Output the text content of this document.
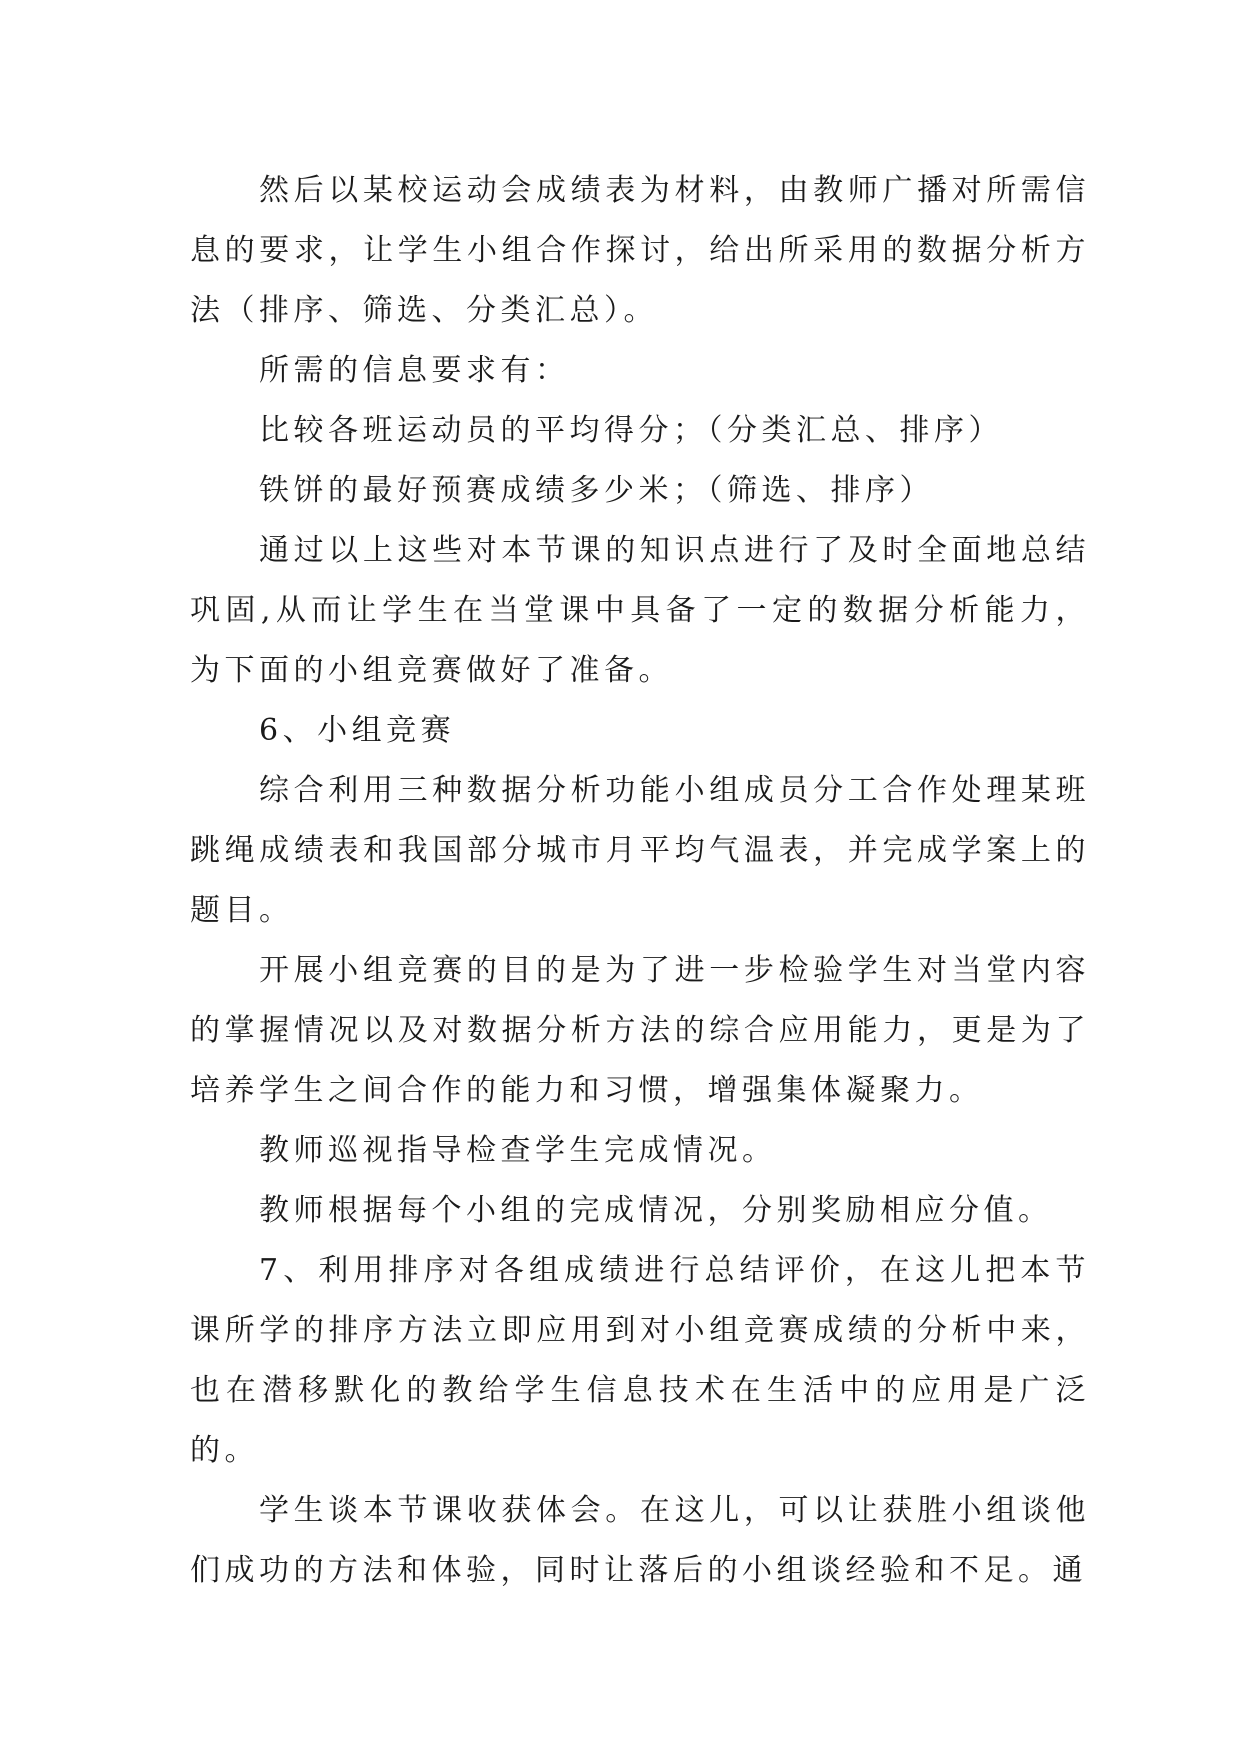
然后以某校运动会成绩表为材料，由教师广播对所需信息的要求，让学生小组合作探讨，给出所采用的数据分析方法（排序、筛选、分类汇总）。

所需的信息要求有：

比较各班运动员的平均得分；（分类汇总、排序）

铁饼的最好预赛成绩多少米；（筛选、排序）

通过以上这些对本节课的知识点进行了及时全面地总结巩固,从而让学生在当堂课中具备了一定的数据分析能力，为下面的小组竞赛做好了准备。

6、小组竞赛

综合利用三种数据分析功能小组成员分工合作处理某班跳绳成绩表和我国部分城市月平均气温表，并完成学案上的题目。

开展小组竞赛的目的是为了进一步检验学生对当堂内容的掌握情况以及对数据分析方法的综合应用能力，更是为了培养学生之间合作的能力和习惯，增强集体凝聚力。

教师巡视指导检查学生完成情况。

教师根据每个小组的完成情况，分别奖励相应分值。

7、利用排序对各组成绩进行总结评价，在这儿把本节课所学的排序方法立即应用到对小组竞赛成绩的分析中来，也在潜移默化的教给学生信息技术在生活中的应用是广泛的。

学生谈本节课收获体会。在这儿，可以让获胜小组谈他们成功的方法和体验，同时让落后的小组谈经验和不足。通
